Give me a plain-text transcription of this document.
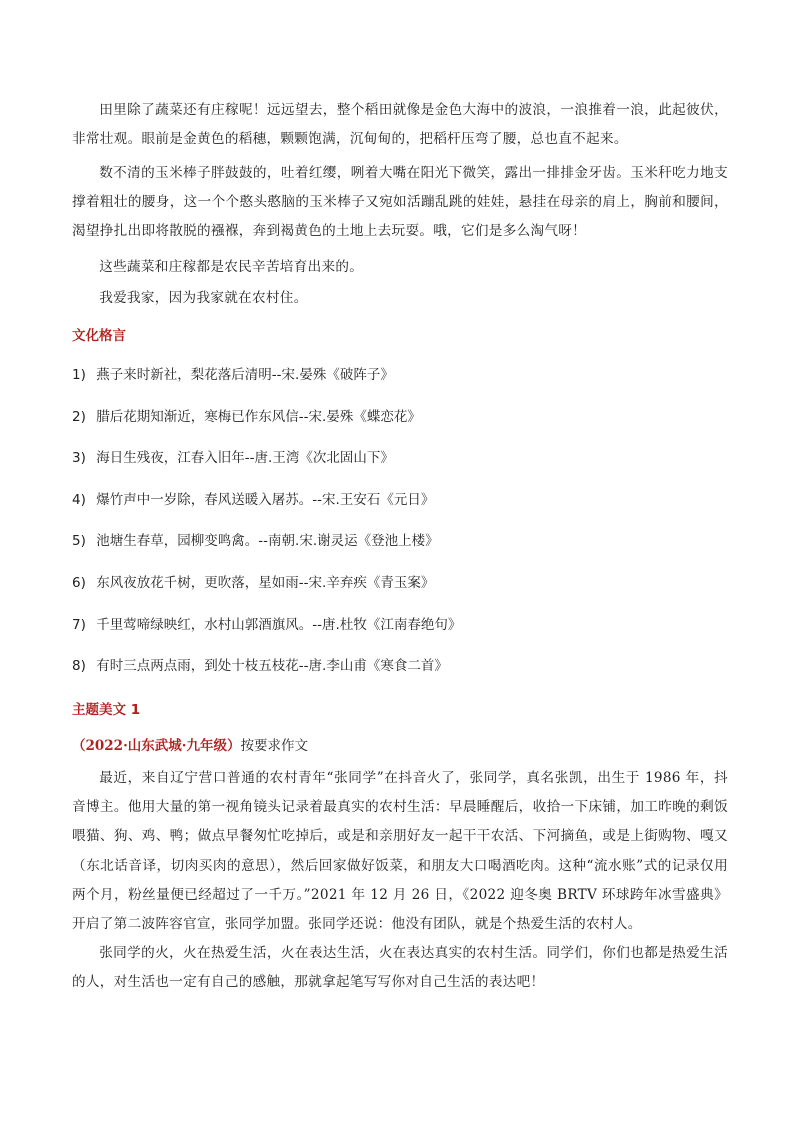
田里除了蔬菜还有庄稼呢！远远望去，整个稻田就像是金色大海中的波浪，一浪推着一浪，此起彼伏，非常壮观。眼前是金黄色的稻穗，颗颗饱满，沉甸甸的，把稻杆压弯了腰，总也直不起来。

数不清的玉米棒子胖鼓鼓的，吐着红缨，咧着大嘴在阳光下微笑，露出一排排金牙齿。玉米秆吃力地支撑着粗壮的腰身，这一个个憨头憨脑的玉米棒子又宛如活蹦乱跳的娃娃，悬挂在母亲的肩上，胸前和腰间，渴望挣扎出即将散脱的襁褓，奔到褐黄色的土地上去玩耍。哦，它们是多么淘气呀！

这些蔬菜和庄稼都是农民辛苦培育出来的。

我爱我家，因为我家就在农村住。

文化格言
1) 燕子来时新社，梨花落后清明--宋.晏殊《破阵子》
2) 腊后花期知渐近，寒梅已作东风信--宋.晏殊《蝶恋花》
3) 海日生残夜，江春入旧年--唐.王湾《次北固山下》
4) 爆竹声中一岁除，春风送暖入屠苏。--宋.王安石《元日》
5) 池塘生春草，园柳变鸣禽。--南朝.宋.谢灵运《登池上楼》
6) 东风夜放花千树，更吹落，星如雨--宋.辛弃疾《青玉案》
7) 千里莺啼绿映红，水村山郭酒旗风。--唐.杜牧《江南春绝句》
8) 有时三点两点雨，到处十枝五枝花--唐.李山甫《寒食二首》
主题美文 1

（2022·山东武城·九年级）按要求作文

最近，来自辽宁营口普通的农村青年“张同学”在抖音火了，张同学，真名张凯，出生于 1986 年，抖音博主。他用大量的第一视角镜头记录着最真实的农村生活：早晨睡醒后，收拾一下床铺，加工昨晚的剩饭喂猫、狗、鸡、鸭；做点早餐匆忙吃掉后，或是和亲朋好友一起干干农活、下河摘鱼，或是上街购物、嘎又（东北话音译，切肉买肉的意思），然后回家做好饭菜，和朋友大口喝酒吃肉。这种“流水账”式的记录仅用两个月，粉丝量便已经超过了一千万。”2021 年 12 月 26 日，《2022 迎冬奥 BRTV 环球跨年冰雪盛典》开启了第二波阵容官宣，张同学加盟。张同学还说：他没有团队，就是个热爱生活的农村人。

张同学的火，火在热爱生活，火在表达生活，火在表达真实的农村生活。同学们，你们也都是热爱生活的人，对生活也一定有自己的感触，那就拿起笔写写你对自己生活的表达吧！
